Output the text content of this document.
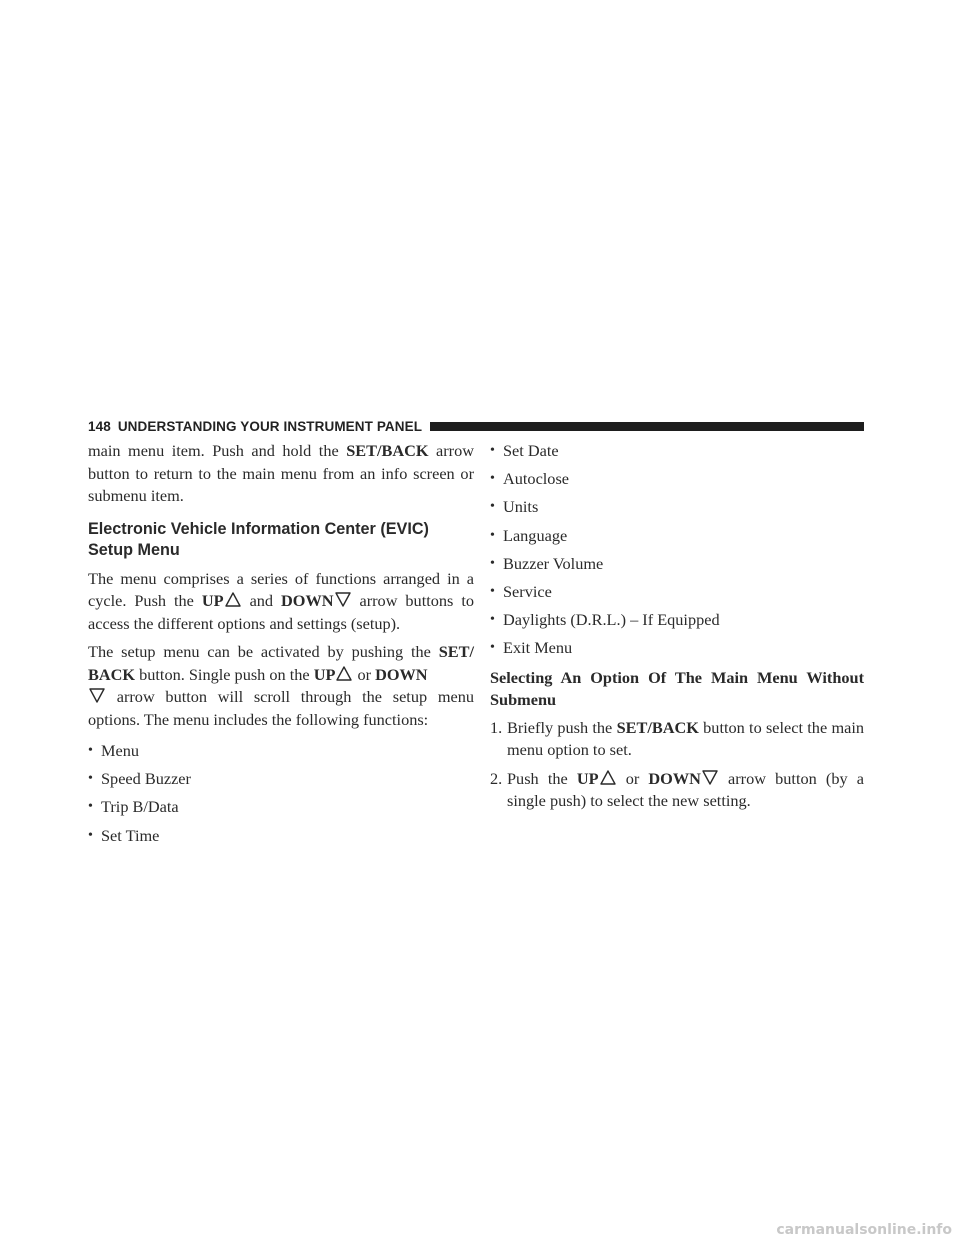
148 UNDERSTANDING YOUR INSTRUMENT PANEL

main menu item. Push and hold the SET/BACK arrow button to return to the main menu from an info screen or submenu item.

Electronic Vehicle Information Center (EVIC)
Setup Menu

The menu comprises a series of functions arranged in a cycle. Push the UP
and DOWN
arrow buttons to access the different options and settings (setup).

The setup menu can be activated by pushing the SET/ BACK button. Single push on the UP
or DOWN

arrow button will scroll through the setup menu options. The menu includes the following functions:

• Menu
• Speed Buzzer
• Trip B/Data
• Set Time
• Set Date
• Autoclose
• Units
• Language
• Buzzer Volume
• Service
• Daylights (D.R.L.) – If Equipped
• Exit Menu

Selecting An Option Of The Main Menu Without Submenu

1. Briefly push the SET/BACK button to select the main menu option to set.
2. Push the UP
or DOWN
arrow button (by a single push) to select the new setting.
carmanualsonline.info
